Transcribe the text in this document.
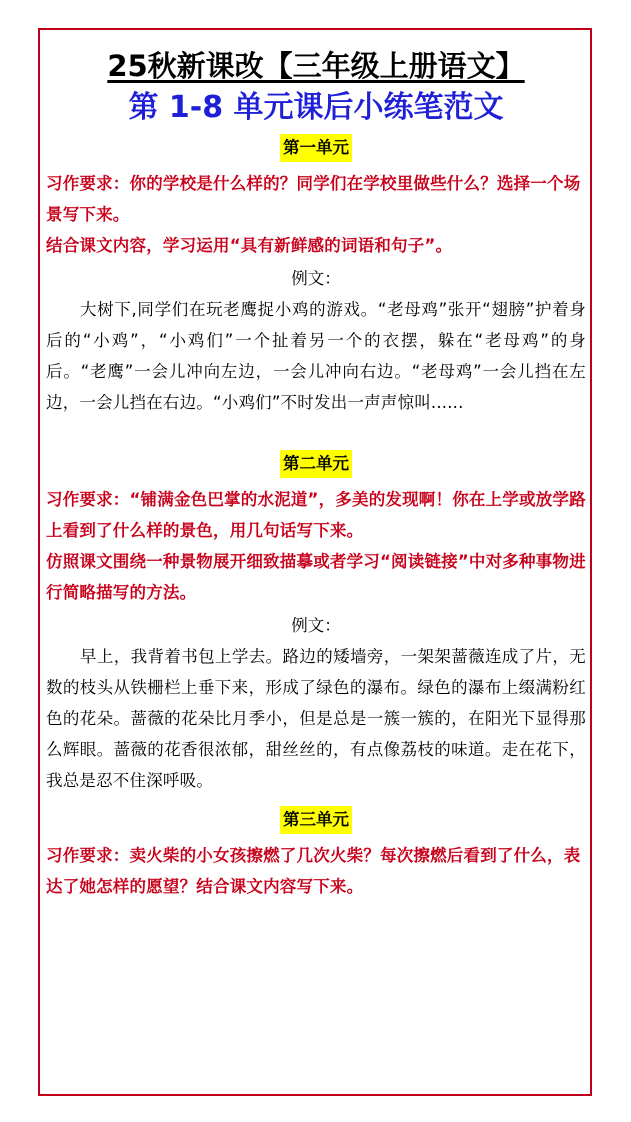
25秋新课改【三年级上册语文】
第 1-8 单元课后小练笔范文
第一单元

习作要求：你的学校是什么样的？同学们在学校里做些什么？选择一个场景写下来。

结合课文内容，学习运用“具有新鲜感的词语和句子”。

例文：

大树下,同学们在玩老鹰捉小鸡的游戏。“老母鸡”张开“翅膀”护着身后的“小鸡”，“小鸡们”一个扯着另一个的衣摆，躲在“老母鸡”的身后。“老鹰”一会儿冲向左边，一会儿冲向右边。“老母鸡”一会儿挡在左边，一会儿挡在右边。“小鸡们”不时发出一声声惊叫......

第二单元

习作要求：“铺满金色巴掌的水泥道”，多美的发现啊！你在上学或放学路上看到了什么样的景色，用几句话写下来。

仿照课文围绕一种景物展开细致描摹或者学习“阅读链接”中对多种事物进行简略描写的方法。

例文：

早上，我背着书包上学去。路边的矮墙旁，一架架蔷薇连成了片，无数的枝头从铁栅栏上垂下来，形成了绿色的瀑布。绿色的瀑布上缀满粉红色的花朵。蔷薇的花朵比月季小，但是总是一簇一簇的，在阳光下显得那么辉眼。蔷薇的花香很浓郁，甜丝丝的，有点像荔枝的味道。走在花下，我总是忍不住深呼吸。

第三单元

习作要求：卖火柴的小女孩擦燃了几次火柴？每次擦燃后看到了什么，表达了她怎样的愿望？结合课文内容写下来。
